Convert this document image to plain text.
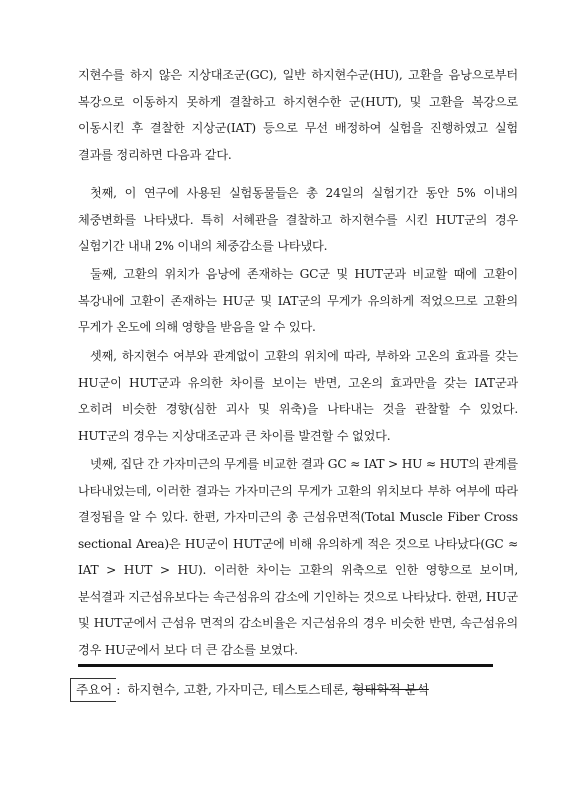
지현수를 하지 않은 지상대조군(GC), 일반 하지현수군(HU), 고환을 음낭으로부터 복강으로 이동하지 못하게 결찰하고 하지현수한 군(HUT), 및 고환을 복강으로 이동시킨 후 결찰한 지상군(IAT) 등으로 무선 배정하여 실험을 진행하였고 실험 결과를 정리하면 다음과 같다.

첫째, 이 연구에 사용된 실험동물들은 총 24일의 실험기간 동안 5% 이내의 체중변화를 나타냈다. 특히 서혜관을 결찰하고 하지현수를 시킨 HUT군의 경우 실험기간 내내 2% 이내의 체중감소를 나타냈다.

둘째, 고환의 위치가 음낭에 존재하는 GC군 및 HUT군과 비교할 때에 고환이 복강내에 고환이 존재하는 HU군 및 IAT군의 무게가 유의하게 적었으므로 고환의 무게가 온도에 의해 영향을 받음을 알 수 있다.

셋째, 하지현수 여부와 관계없이 고환의 위치에 따라, 부하와 고온의 효과를 갖는 HU군이 HUT군과 유의한 차이를 보이는 반면, 고온의 효과만을 갖는 IAT군과 오히려 비슷한 경향(심한 괴사 및 위축)을 나타내는 것을 관찰할 수 있었다. HUT군의 경우는 지상대조군과 큰 차이를 발견할 수 없었다.

넷째, 집단 간 가자미근의 무게를 비교한 결과 GC ≈ IAT > HU ≈ HUT의 관계를 나타내었는데, 이러한 결과는 가자미근의 무게가 고환의 위치보다 부하 여부에 따라 결정됨을 알 수 있다. 한편, 가자미근의 총 근섬유면적(Total Muscle Fiber Cross sectional Area)은 HU군이 HUT군에 비해 유의하게 적은 것으로 나타났다(GC ≈ IAT > HUT > HU). 이러한 차이는 고환의 위축으로 인한 영향으로 보이며, 분석결과 지근섬유보다는 속근섬유의 감소에 기인하는 것으로 나타났다. 한편, HU군 및 HUT군에서 근섬유 면적의 감소비율은 지근섬유의 경우 비슷한 반면, 속근섬유의 경우 HU군에서 보다 더 큰 감소를 보였다.

주요어 : 하지현수, 고환, 가자미근, 테스토스테론, 형태학적 분석
